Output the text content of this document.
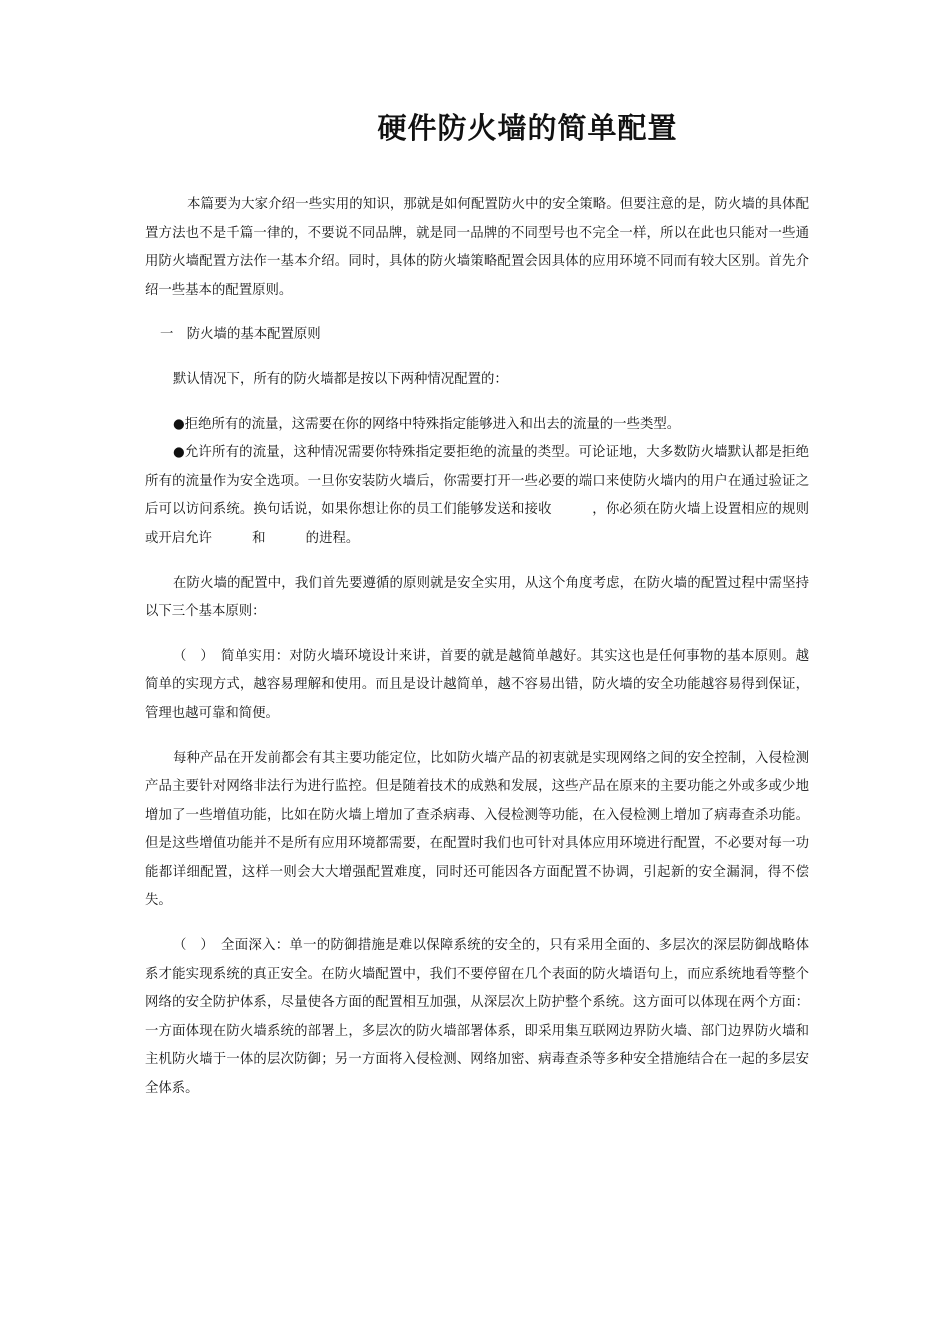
硬件防火墙的简单配置

本篇要为大家介绍一些实用的知识，那就是如何配置防火中的安全策略。但要注意的是，防火墙的具体配置方法也不是千篇一律的，不要说不同品牌，就是同一品牌的不同型号也不完全一样，所以在此也只能对一些通用防火墙配置方法作一基本介绍。同时，具体的防火墙策略配置会因具体的应用环境不同而有较大区别。首先介绍一些基本的配置原则。

一　防火墙的基本配置原则

默认情况下，所有的防火墙都是按以下两种情况配置的：

●拒绝所有的流量，这需要在你的网络中特殊指定能够进入和出去的流量的一些类型。

●允许所有的流量，这种情况需要你特殊指定要拒绝的流量的类型。可论证地，大多数防火墙默认都是拒绝所有的流量作为安全选项。一旦你安装防火墙后，你需要打开一些必要的端口来使防火墙内的用户在通过验证之后可以访问系统。换句话说，如果你想让你的员工们能够发送和接收　　　，你必须在防火墙上设置相应的规则或开启允许　　　和　　　的进程。

在防火墙的配置中，我们首先要遵循的原则就是安全实用，从这个角度考虑，在防火墙的配置过程中需坚持以下三个基本原则：

（　）　简单实用：对防火墙环境设计来讲，首要的就是越简单越好。其实这也是任何事物的基本原则。越简单的实现方式，越容易理解和使用。而且是设计越简单，越不容易出错，防火墙的安全功能越容易得到保证，管理也越可靠和简便。

每种产品在开发前都会有其主要功能定位，比如防火墙产品的初衷就是实现网络之间的安全控制，入侵检测产品主要针对网络非法行为进行监控。但是随着技术的成熟和发展，这些产品在原来的主要功能之外或多或少地增加了一些增值功能，比如在防火墙上增加了查杀病毒、入侵检测等功能，在入侵检测上增加了病毒查杀功能。但是这些增值功能并不是所有应用环境都需要，在配置时我们也可针对具体应用环境进行配置，不必要对每一功能都详细配置，这样一则会大大增强配置难度，同时还可能因各方面配置不协调，引起新的安全漏洞，得不偿失。

（　）　全面深入：单一的防御措施是难以保障系统的安全的，只有采用全面的、多层次的深层防御战略体系才能实现系统的真正安全。在防火墙配置中，我们不要停留在几个表面的防火墙语句上，而应系统地看等整个网络的安全防护体系，尽量使各方面的配置相互加强，从深层次上防护整个系统。这方面可以体现在两个方面：一方面体现在防火墙系统的部署上，多层次的防火墙部署体系，即采用集互联网边界防火墙、部门边界防火墙和主机防火墙于一体的层次防御；另一方面将入侵检测、网络加密、病毒查杀等多种安全措施结合在一起的多层安全体系。
